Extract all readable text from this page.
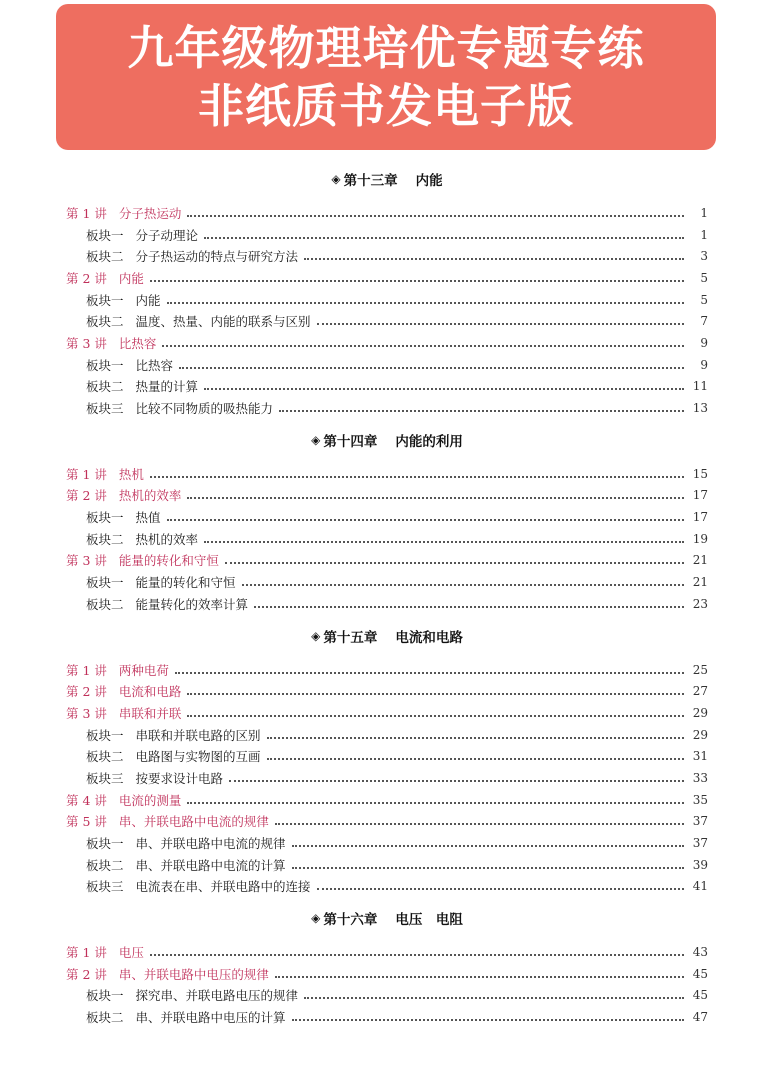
九年级物理培优专题专练
非纸质书发电子版
◈ 第十三章 内能
第 1 讲 分子热运动	1
板块一 分子动理论	1
板块二 分子热运动的特点与研究方法	3
第 2 讲 内能	5
板块一 内能	5
板块二 温度、热量、内能的联系与区别	7
第 3 讲 比热容	9
板块一 比热容	9
板块二 热量的计算	11
板块三 比较不同物质的吸热能力	13
◈ 第十四章 内能的利用
第 1 讲 热机	15
第 2 讲 热机的效率	17
板块一 热值	17
板块二 热机的效率	19
第 3 讲 能量的转化和守恒	21
板块一 能量的转化和守恒	21
板块二 能量转化的效率计算	23
◈ 第十五章 电流和电路
第 1 讲 两种电荷	25
第 2 讲 电流和电路	27
第 3 讲 串联和并联	29
板块一 串联和并联电路的区别	29
板块二 电路图与实物图的互画	31
板块三 按要求设计电路	33
第 4 讲 电流的测量	35
第 5 讲 串、并联电路中电流的规律	37
板块一 串、并联电路中电流的规律	37
板块二 串、并联电路中电流的计算	39
板块三 电流表在串、并联电路中的连接	41
◈ 第十六章 电压　电阻
第 1 讲 电压	43
第 2 讲 串、并联电路中电压的规律	45
板块一 探究串、并联电路电压的规律	45
板块二 串、并联电路中电压的计算	47
